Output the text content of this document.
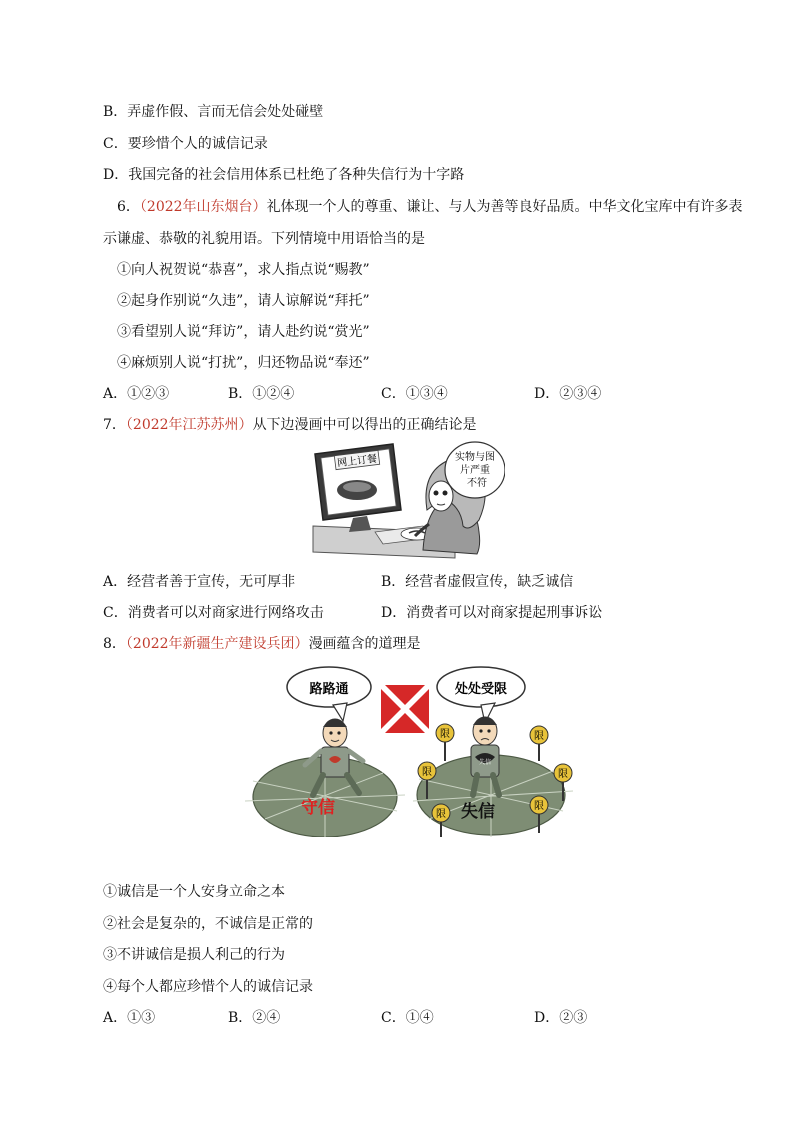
B．弄虚作假、言而无信会处处碰壁
C．要珍惜个人的诚信记录
D．我国完备的社会信用体系已杜绝了各种失信行为十字路
6．（2022年山东烟台）礼体现一个人的尊重、谦让、与人为善等良好品质。中华文化宝库中有许多表
示谦虚、恭敬的礼貌用语。下列情境中用语恰当的是
①向人祝贺说“恭喜”，求人指点说“赐教”
②起身作别说“久违”，请人谅解说“拜托”
③看望别人说“拜访”，请人赴约说“赏光”
④麻烦别人说“打扰”，归还物品说“奉还”
A．①②③	B．①②④	C．①③④	D．②③④
7．（2022年江苏苏州）从下边漫画中可以得出的正确结论是
网上订餐	实物与图
片严重
不符
A．经营者善于宣传，无可厚非	B．经营者虚假宣传，缺乏诚信
C．消费者可以对商家进行网络攻击	D．消费者可以对商家提起刑事诉讼
8．（2022年新疆生产建设兵团）漫画蕴含的道理是
路路通	处处受限
守信
失信
失信
限	限
限	限
限
限
①诚信是一个人安身立命之本
②社会是复杂的，不诚信是正常的
③不讲诚信是损人利己的行为
④每个人都应珍惜个人的诚信记录
A．①③	B．②④	C．①④	D．②③
